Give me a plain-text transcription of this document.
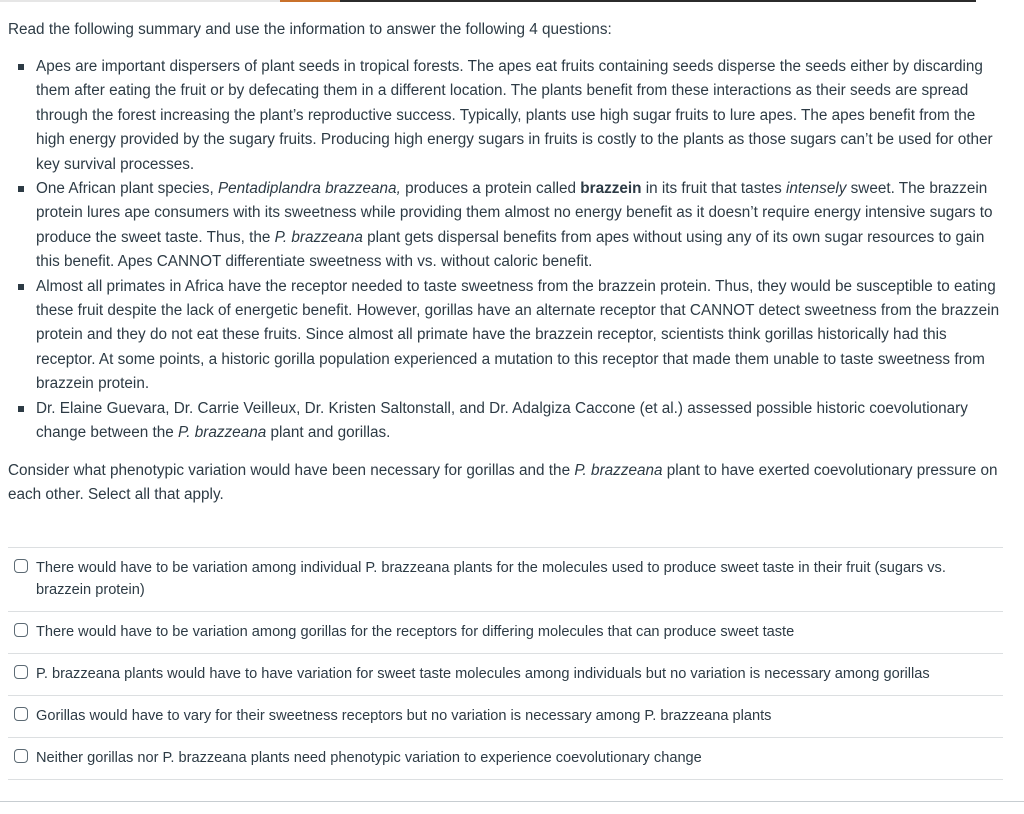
Read the following summary and use the information to answer the following 4 questions:

Apes are important dispersers of plant seeds in tropical forests. The apes eat fruits containing seeds disperse the seeds either by discarding them after eating the fruit or by defecating them in a different location. The plants benefit from these interactions as their seeds are spread through the forest increasing the plant’s reproductive success. Typically, plants use high sugar fruits to lure apes. The apes benefit from the high energy provided by the sugary fruits. Producing high energy sugars in fruits is costly to the plants as those sugars can’t be used for other key survival processes.
One African plant species, Pentadiplandra brazzeana, produces a protein called brazzein in its fruit that tastes intensely sweet. The brazzein protein lures ape consumers with its sweetness while providing them almost no energy benefit as it doesn’t require energy intensive sugars to produce the sweet taste. Thus, the P. brazzeana plant gets dispersal benefits from apes without using any of its own sugar resources to gain this benefit. Apes CANNOT differentiate sweetness with vs. without caloric benefit.
Almost all primates in Africa have the receptor needed to taste sweetness from the brazzein protein. Thus, they would be susceptible to eating these fruit despite the lack of energetic benefit. However, gorillas have an alternate receptor that CANNOT detect sweetness from the brazzein protein and they do not eat these fruits. Since almost all primate have the brazzein receptor, scientists think gorillas historically had this receptor. At some points, a historic gorilla population experienced a mutation to this receptor that made them unable to taste sweetness from brazzein protein.
Dr. Elaine Guevara, Dr. Carrie Veilleux, Dr. Kristen Saltonstall, and Dr. Adalgiza Caccone (et al.) assessed possible historic coevolutionary change between the P. brazzeana plant and gorillas.

Consider what phenotypic variation would have been necessary for gorillas and the P. brazzeana plant to have exerted coevolutionary pressure on each other. Select all that apply.

There would have to be variation among individual P. brazzeana plants for the molecules used to produce sweet taste in their fruit (sugars vs. brazzein protein)
There would have to be variation among gorillas for the receptors for differing molecules that can produce sweet taste
P. brazzeana plants would have to have variation for sweet taste molecules among individuals but no variation is necessary among gorillas
Gorillas would have to vary for their sweetness receptors but no variation is necessary among P. brazzeana plants
Neither gorillas nor P. brazzeana plants need phenotypic variation to experience coevolutionary change
